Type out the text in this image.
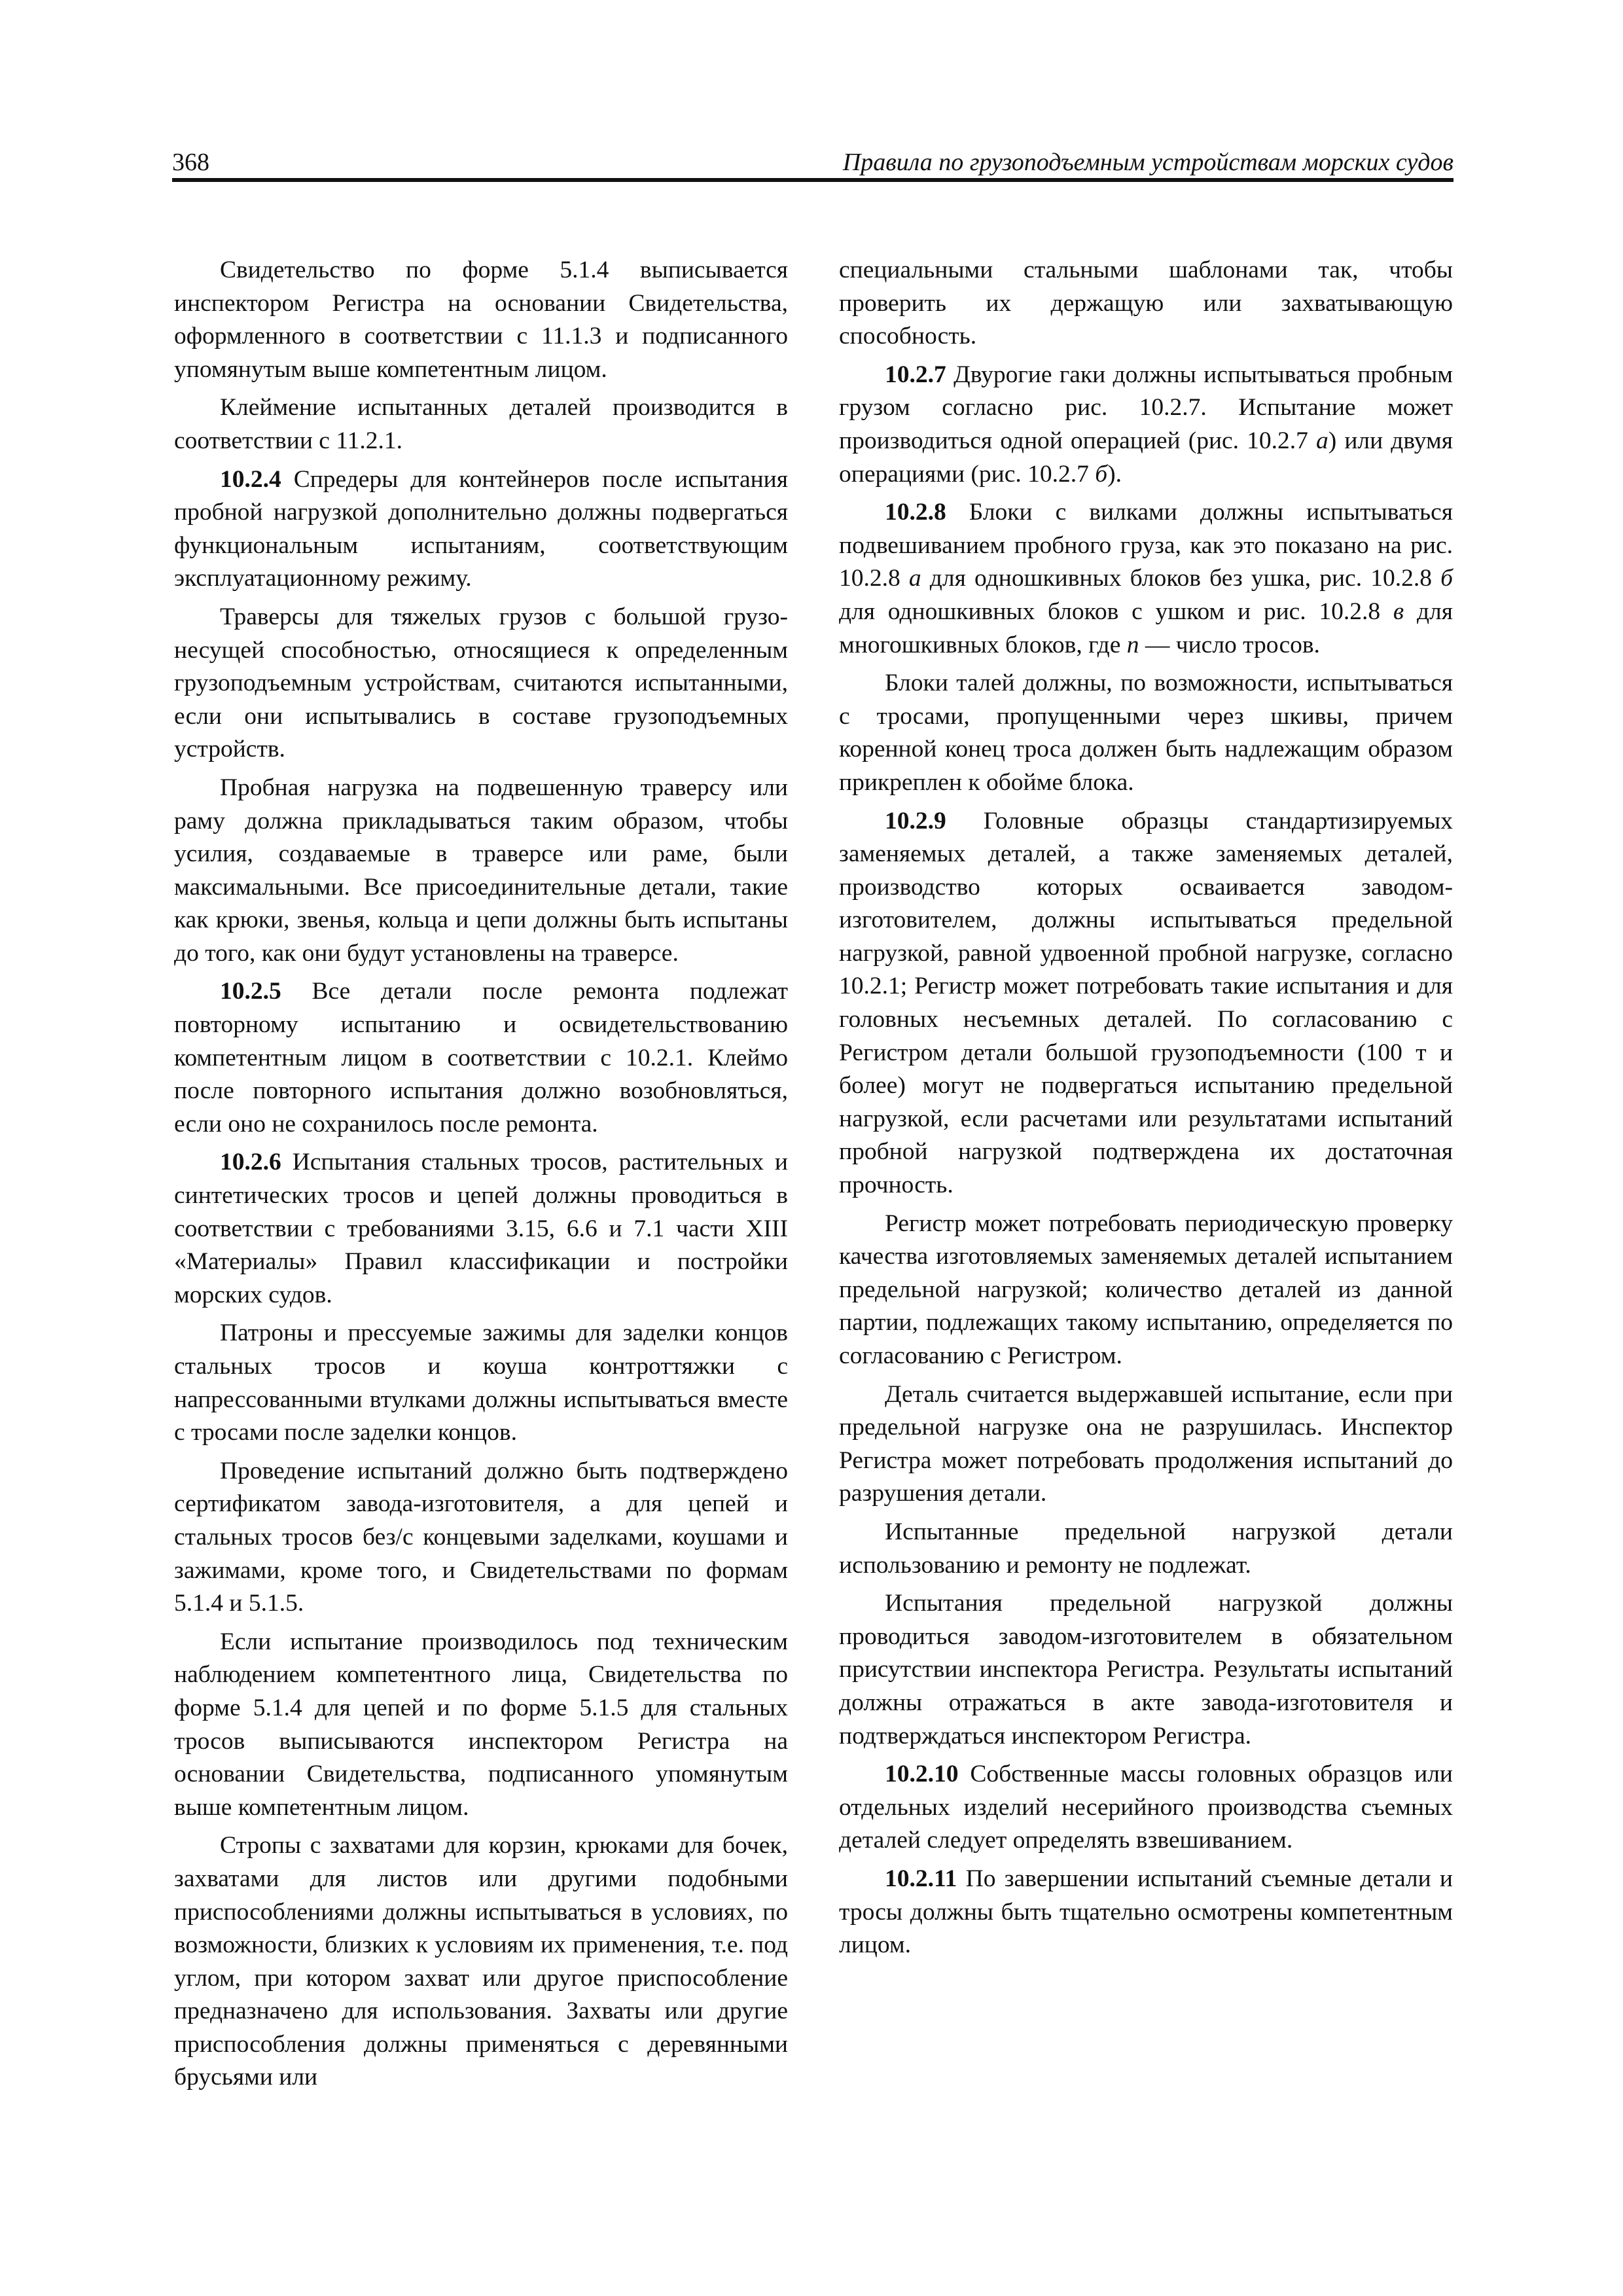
368	Правила по грузоподъемным устройствам морских судов

Свидетельство по форме 5.1.4 выписывается инспектором Регистра на основании Свидетельства, оформленного в соответствии с 11.1.3 и подписанного упомянутым выше компетентным лицом.

Клеймение испытанных деталей производится в соответствии с 11.2.1.

10.2.4 Спредеры для контейнеров после испытания пробной нагрузкой дополнительно должны подвергаться функциональным испытаниям, соответствующим эксплуатационному режиму.

Траверсы для тяжелых грузов с большой грузонесущей способностью, относящиеся к определенным грузоподъемным устройствам, считаются испытанными, если они испытывались в составе грузоподъемных устройств.

Пробная нагрузка на подвешенную траверсу или раму должна прикладываться таким образом, чтобы усилия, создаваемые в траверсе или раме, были максимальными. Все присоединительные детали, такие как крюки, звенья, кольца и цепи должны быть испытаны до того, как они будут установлены на траверсе.

10.2.5 Все детали после ремонта подлежат повторному испытанию и освидетельствованию компетентным лицом в соответствии с 10.2.1. Клеймо после повторного испытания должно возобновляться, если оно не сохранилось после ремонта.

10.2.6 Испытания стальных тросов, растительных и синтетических тросов и цепей должны проводиться в соответствии с требованиями 3.15, 6.6 и 7.1 части XIII «Материалы» Правил классификации и постройки морских судов.

Патроны и прессуемые зажимы для заделки концов стальных тросов и коуша контроттяжки с напрессованными втулками должны испытываться вместе с тросами после заделки концов.

Проведение испытаний должно быть подтверждено сертификатом завода-изготовителя, а для цепей и стальных тросов без/с концевыми заделками, коушами и зажимами, кроме того, и Свидетельствами по формам 5.1.4 и 5.1.5.

Если испытание производилось под техническим наблюдением компетентного лица, Свидетельства по форме 5.1.4 для цепей и по форме 5.1.5 для стальных тросов выписываются инспектором Регистра на основании Свидетельства, подписанного упомянутым выше компетентным лицом.

Стропы с захватами для корзин, крюками для бочек, захватами для листов или другими подобными приспособлениями должны испытываться в условиях, по возможности, близких к условиям их применения, т.е. под углом, при котором захват или другое приспособление предназначено для использования. Захваты или другие приспособления должны применяться с деревянными брусьями или

специальными стальными шаблонами так, чтобы проверить их держащую или захватывающую способность.

10.2.7 Двурогие гаки должны испытываться пробным грузом согласно рис. 10.2.7. Испытание может производиться одной операцией (рис. 10.2.7 а) или двумя операциями (рис. 10.2.7 б).

10.2.8 Блоки с вилками должны испытываться подвешиванием пробного груза, как это показано на рис. 10.2.8 а для одношкивных блоков без ушка, рис. 10.2.8 б для одношкивных блоков с ушком и рис. 10.2.8 в для многошкивных блоков, где n — число тросов.

Блоки талей должны, по возможности, испытываться с тросами, пропущенными через шкивы, причем коренной конец троса должен быть надлежащим образом прикреплен к обойме блока.

10.2.9 Головные образцы стандартизируемых заменяемых деталей, а также заменяемых деталей, производство которых осваивается заводом-изготовителем, должны испытываться предельной нагрузкой, равной удвоенной пробной нагрузке, согласно 10.2.1; Регистр может потребовать такие испытания и для головных несъемных деталей. По согласованию с Регистром детали большой грузоподъемности (100 т и более) могут не подвергаться испытанию предельной нагрузкой, если расчетами или результатами испытаний пробной нагрузкой подтверждена их достаточная прочность.

Регистр может потребовать периодическую проверку качества изготовляемых заменяемых деталей испытанием предельной нагрузкой; количество деталей из данной партии, подлежащих такому испытанию, определяется по согласованию с Регистром.

Деталь считается выдержавшей испытание, если при предельной нагрузке она не разрушилась. Инспектор Регистра может потребовать продолжения испытаний до разрушения детали.

Испытанные предельной нагрузкой детали использованию и ремонту не подлежат.

Испытания предельной нагрузкой должны проводиться заводом-изготовителем в обязательном присутствии инспектора Регистра. Результаты испытаний должны отражаться в акте завода-изготовителя и подтверждаться инспектором Регистра.

10.2.10 Собственные массы головных образцов или отдельных изделий несерийного производства съемных деталей следует определять взвешиванием.

10.2.11 По завершении испытаний съемные детали и тросы должны быть тщательно осмотрены компетентным лицом.
